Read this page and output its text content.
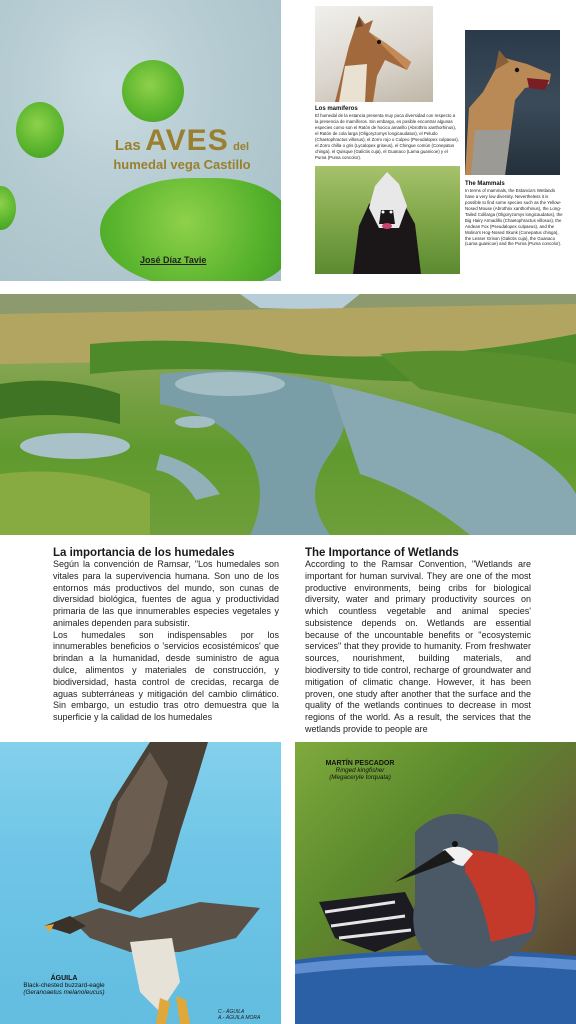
Las AVES del
humedal vega Castillo
José Díaz Tavie
Los mamíferos
El humedal de la estancia presenta muy poca diversidad con respecto a la presencia de mamíferos. Sin embargo, es posible encontrar algunas especies como son el Ratón de hocico amarillo (Abrothrix xanthorhinus), el Ratón de cola larga (Oligoryzomys longicaudatus), el Peludo (Chaetophractus villosus), el Zorro rojo o Culpeo (Pseudalopex culpaeus), el Zorro chilla o gris (Lycalopex griseus), el Chingue común (Conepatus chinga), el Quisque (Galictis cuja), el Guanaco (Lama guanicoe) y el Puma (Puma concolor).
The Mammals
In terms of mammals, the Estancia's Wetlands have a very low diversity. Nevertheless it is possible to find some species such as the Yellow-Nosed Mouse (Abrothrix xanthorhinus), the Long-Tailed Colilarga (Oligoryzomys longicaudatus), the Big Hairy Armadillo (Chaetophractus villosus), the Andean Fox (Pseudalopex culpaeus), and the Molina's Hog-Nosed Skunk (Conepatus chinga), the Lesser Grison (Galictis cuja), the Guanaco (Lama guanicoe) and the Puma (Puma concolor).
La importancia de los humedales

Según la convención de Ramsar, "Los humedales son vitales para la supervivencia humana. Son uno de los entornos más productivos del mundo, son cunas de diversidad biológica, fuentes de agua y productividad primaria de las que innumerables especies vegetales y animales dependen para subsistir.

Los humedales son indispensables por los innumerables beneficios o 'servicios ecosistémicos' que brindan a la humanidad, desde suministro de agua dulce, alimentos y materiales de construcción, y biodiversidad, hasta control de crecidas, recarga de aguas subterráneas y mitigación del cambio climático. Sin embargo, un estudio tras otro demuestra que la superficie y la calidad de los humedales

The Importance of Wetlands

According to the Ramsar Convention, "Wetlands are important for human survival. They are one of the most productive environments, being cribs for biological diversity, water and primary productivity sources on which countless vegetable and animal species' subsistence depends on. Wetlands are essential because of the uncountable benefits or "ecosystemic services" that they provide to humanity. From freshwater sources, nourishment, building materials, and biodiversity to tide control, recharge of groundwater and mitigation of climatic change. However, it has been proven, one study after another that the surface and the quality of the wetlands continues to decrease in most regions of the world. As a result, the services that the wetlands provide to people are

ÁGUILA
Black-chested buzzard-eagle
(Geranoaetus melanoleucus)
C.- ÁGUILA
A.- ÁGUILA MORA
MARTÍN PESCADOR
Ringed kingfisher
(Megaceryle torquata)
